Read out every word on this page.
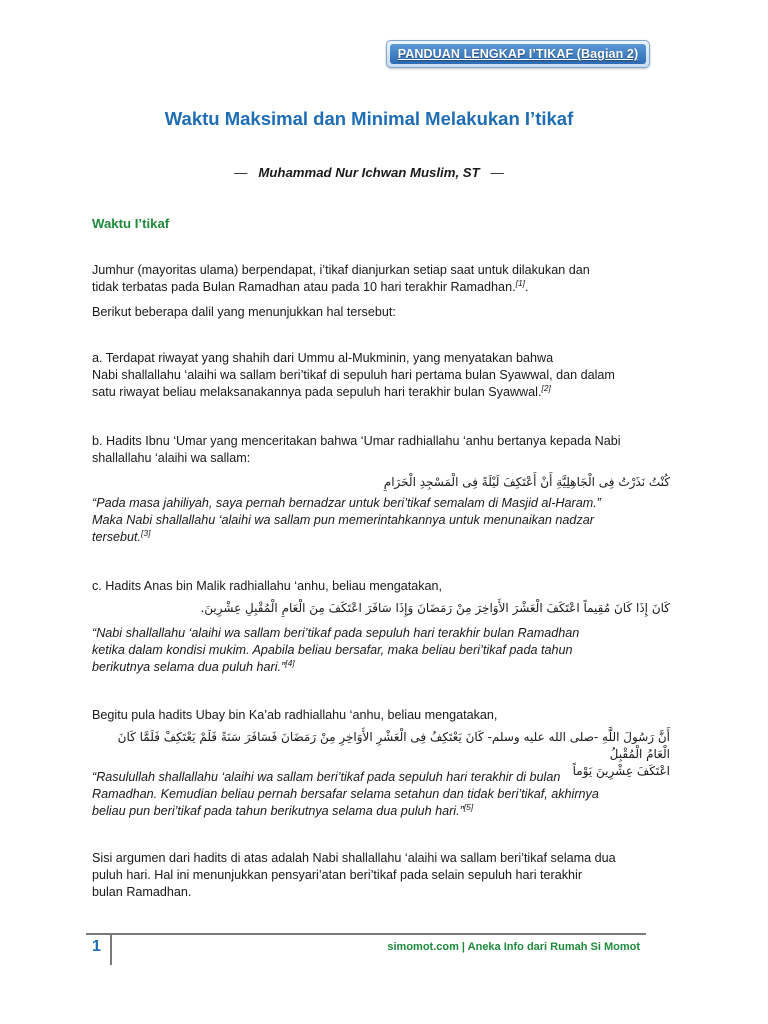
PANDUAN LENGKAP I’TIKAF (Bagian 2)
Waktu Maksimal dan Minimal Melakukan I’tikaf
— Muhammad Nur Ichwan Muslim, ST —
Waktu I’tikaf
Jumhur (mayoritas ulama) berpendapat, i’tikaf dianjurkan setiap saat untuk dilakukan dan
tidak terbatas pada Bulan Ramadhan atau pada 10 hari terakhir Ramadhan.[1].
Berikut beberapa dalil yang menunjukkan hal tersebut:
a. Terdapat riwayat yang shahih dari Ummu al-Mukminin, yang menyatakan bahwa
Nabi shallallahu ‘alaihi wa sallam beri’tikaf di sepuluh hari pertama bulan Syawwal, dan dalam
satu riwayat beliau melaksanakannya pada sepuluh hari terakhir bulan Syawwal.[2]
b. Hadits Ibnu ‘Umar yang menceritakan bahwa ‘Umar radhiallahu ‘anhu bertanya kepada Nabi
shallallahu ‘alaihi wa sallam:
كُنْتُ نَذَرْتُ فِى الْجَاهِلِيَّةِ أَنْ أَعْتَكِفَ لَيْلَةً فِى الْمَسْجِدِ الْحَرَامِ
“Pada masa jahiliyah, saya pernah bernadzar untuk beri’tikaf semalam di Masjid al-Haram.”
Maka Nabi shallallahu ‘alaihi wa sallam pun memerintahkannya untuk menunaikan nadzar
tersebut.[3]
c. Hadits Anas bin Malik radhiallahu ‘anhu, beliau mengatakan,
كَانَ إِذَا كَانَ مُقِيماً اعْتَكَفَ الْعَشْرَ الأَوَاخِرَ مِنْ رَمَضَانَ وَإِذَا سَافَرَ اعْتَكَفَ مِنَ الْعَامِ الْمُقْبِلِ عِشْرِينَ.
“Nabi shallallahu ‘alaihi wa sallam beri’tikaf pada sepuluh hari terakhir bulan Ramadhan
ketika dalam kondisi mukim. Apabila beliau bersafar, maka beliau beri’tikaf pada tahun
berikutnya selama dua puluh hari.”[4]
Begitu pula hadits Ubay bin Ka’ab radhiallahu ‘anhu, beliau mengatakan,
أَنَّ رَسُولَ اللَّهِ -صلى الله عليه وسلم- كَانَ يَعْتَكِفُ فِى الْعَشْرِ الأَوَاخِرِ مِنْ رَمَضَانَ فَسَافَرَ سَنَةً فَلَمْ يَعْتَكِفْ فَلَمَّا كَانَ الْعَامُ الْمُقْبِلُ
اعْتَكَفَ عِشْرِينَ يَوْماً
“Rasulullah shallallahu ‘alaihi wa sallam beri’tikaf pada sepuluh hari terakhir di bulan
Ramadhan. Kemudian beliau pernah bersafar selama setahun dan tidak beri’tikaf, akhirnya
beliau pun beri’tikaf pada tahun berikutnya selama dua puluh hari.”[5]
Sisi argumen dari hadits di atas adalah Nabi shallallahu ‘alaihi wa sallam beri’tikaf selama dua
puluh hari. Hal ini menunjukkan pensyari’atan beri’tikaf pada selain sepuluh hari terakhir
bulan Ramadhan.
1	simomot.com | Aneka Info dari Rumah Si Momot
